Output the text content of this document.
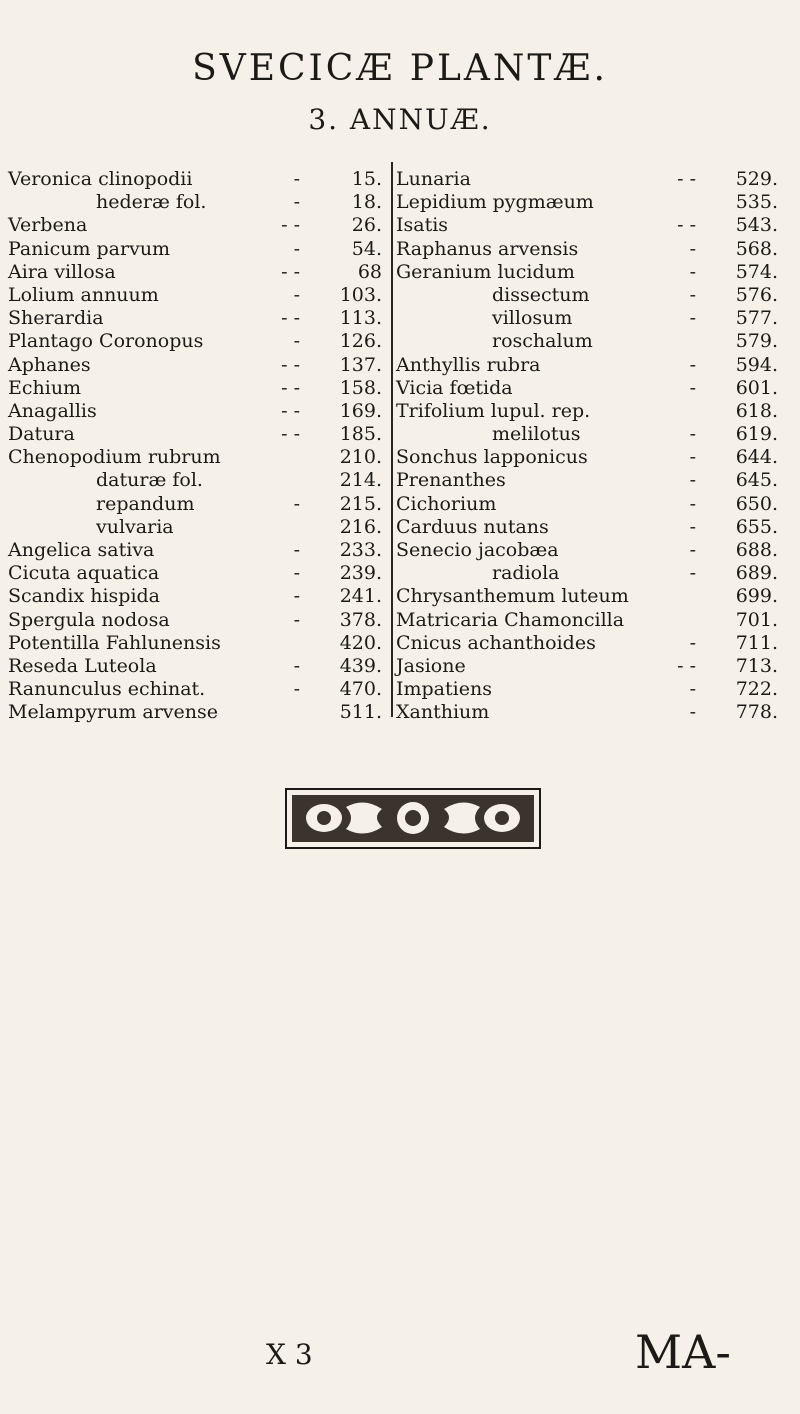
SVECICÆ PLANTÆ.
3. ANNUÆ.
Veronica clinopodii	-	15.
hederæ fol.	-	18.
Verbena	- -	26.
Panicum parvum	-	54.
Aira villosa	- -	68
Lolium annuum	- 103.
Sherardia	- - 113.
Plantago Coronopus	- 126.
Aphanes	- - 137.
Echium	- - 158.
Anagallis	- - 169.
Datura	- - 185.
Chenopodium rubrum	210.
daturæ fol.	214.
repandum	- 215.
vulvaria	216.
Angelica sativa	- 233.
Cicuta aquatica	- 239.
Scandix hispida	- 241.
Spergula nodosa	- 378.
Potentilla Fahlunensis	420.
Reseda Luteola	- 439.
Ranunculus echinat.	- 470.
Melampyrum arvense	511.
Lunaria	- - 529.
Lepidium pygmæum	535.
Isatis	- - 543.
Raphanus arvensis	- 568.
Geranium lucidum	- 574.
dissectum	- 576.
villosum	- 577.
roschalum	579.
Anthyllis rubra	- 594.
Vicia fœtida	- 601.
Trifolium lupul. rep.	618.
melilotus	- 619.
Sonchus lapponicus	- 644.
Prenanthes	- 645.
Cichorium	- 650.
Carduus nutans	- 655.
Senecio jacobæa	- 688.
radiola	- 689.
Chrysanthemum luteum	699.
Matricaria Chamoncilla	701.
Cnicus achanthoides	- 711.
Jasione	- - 713.
Impatiens	- 722.
Xanthium	- 778.
X 3	MA-
